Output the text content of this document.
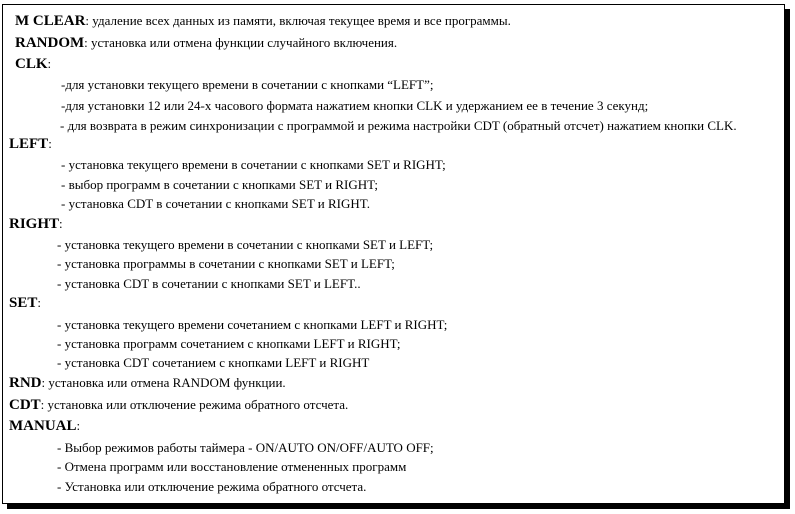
M CLEAR: удаление всех данных из памяти, включая текущее время и все программы.
RANDOM: установка или отмена функции случайного включения.
CLK:
-для установки текущего времени в сочетании с кнопками “LEFT”;
-для установки 12 или 24-х часового формата нажатием кнопки CLK и удержанием ее в течение 3 секунд;
- для возврата в режим синхронизации с программой и режима настройки CDT (обратный отсчет) нажатием кнопки CLK.
LEFT:
- установка текущего времени в сочетании с кнопками SET и RIGHT;
- выбор программ в сочетании с кнопками SET и RIGHT;
- установка CDT в сочетании с кнопками SET и RIGHT.
RIGHT:
- установка текущего времени в сочетании с кнопками SET и LEFT;
- установка программы в сочетании с кнопками SET и LEFT;
- установка CDT в сочетании с кнопками SET и LEFT..
SET:
- установка текущего времени сочетанием с кнопками LEFT и RIGHT;
- установка программ сочетанием с кнопками LEFT и RIGHT;
- установка CDT сочетанием с кнопками LEFT и RIGHT
RND: установка или отмена RANDOM функции.
CDT: установка или отключение режима обратного отсчета.
MANUAL:
- Выбор режимов работы таймера - ON/AUTO ON/OFF/AUTO OFF;
- Отмена программ или восстановление отмененных программ
- Установка или отключение режима обратного отсчета.
